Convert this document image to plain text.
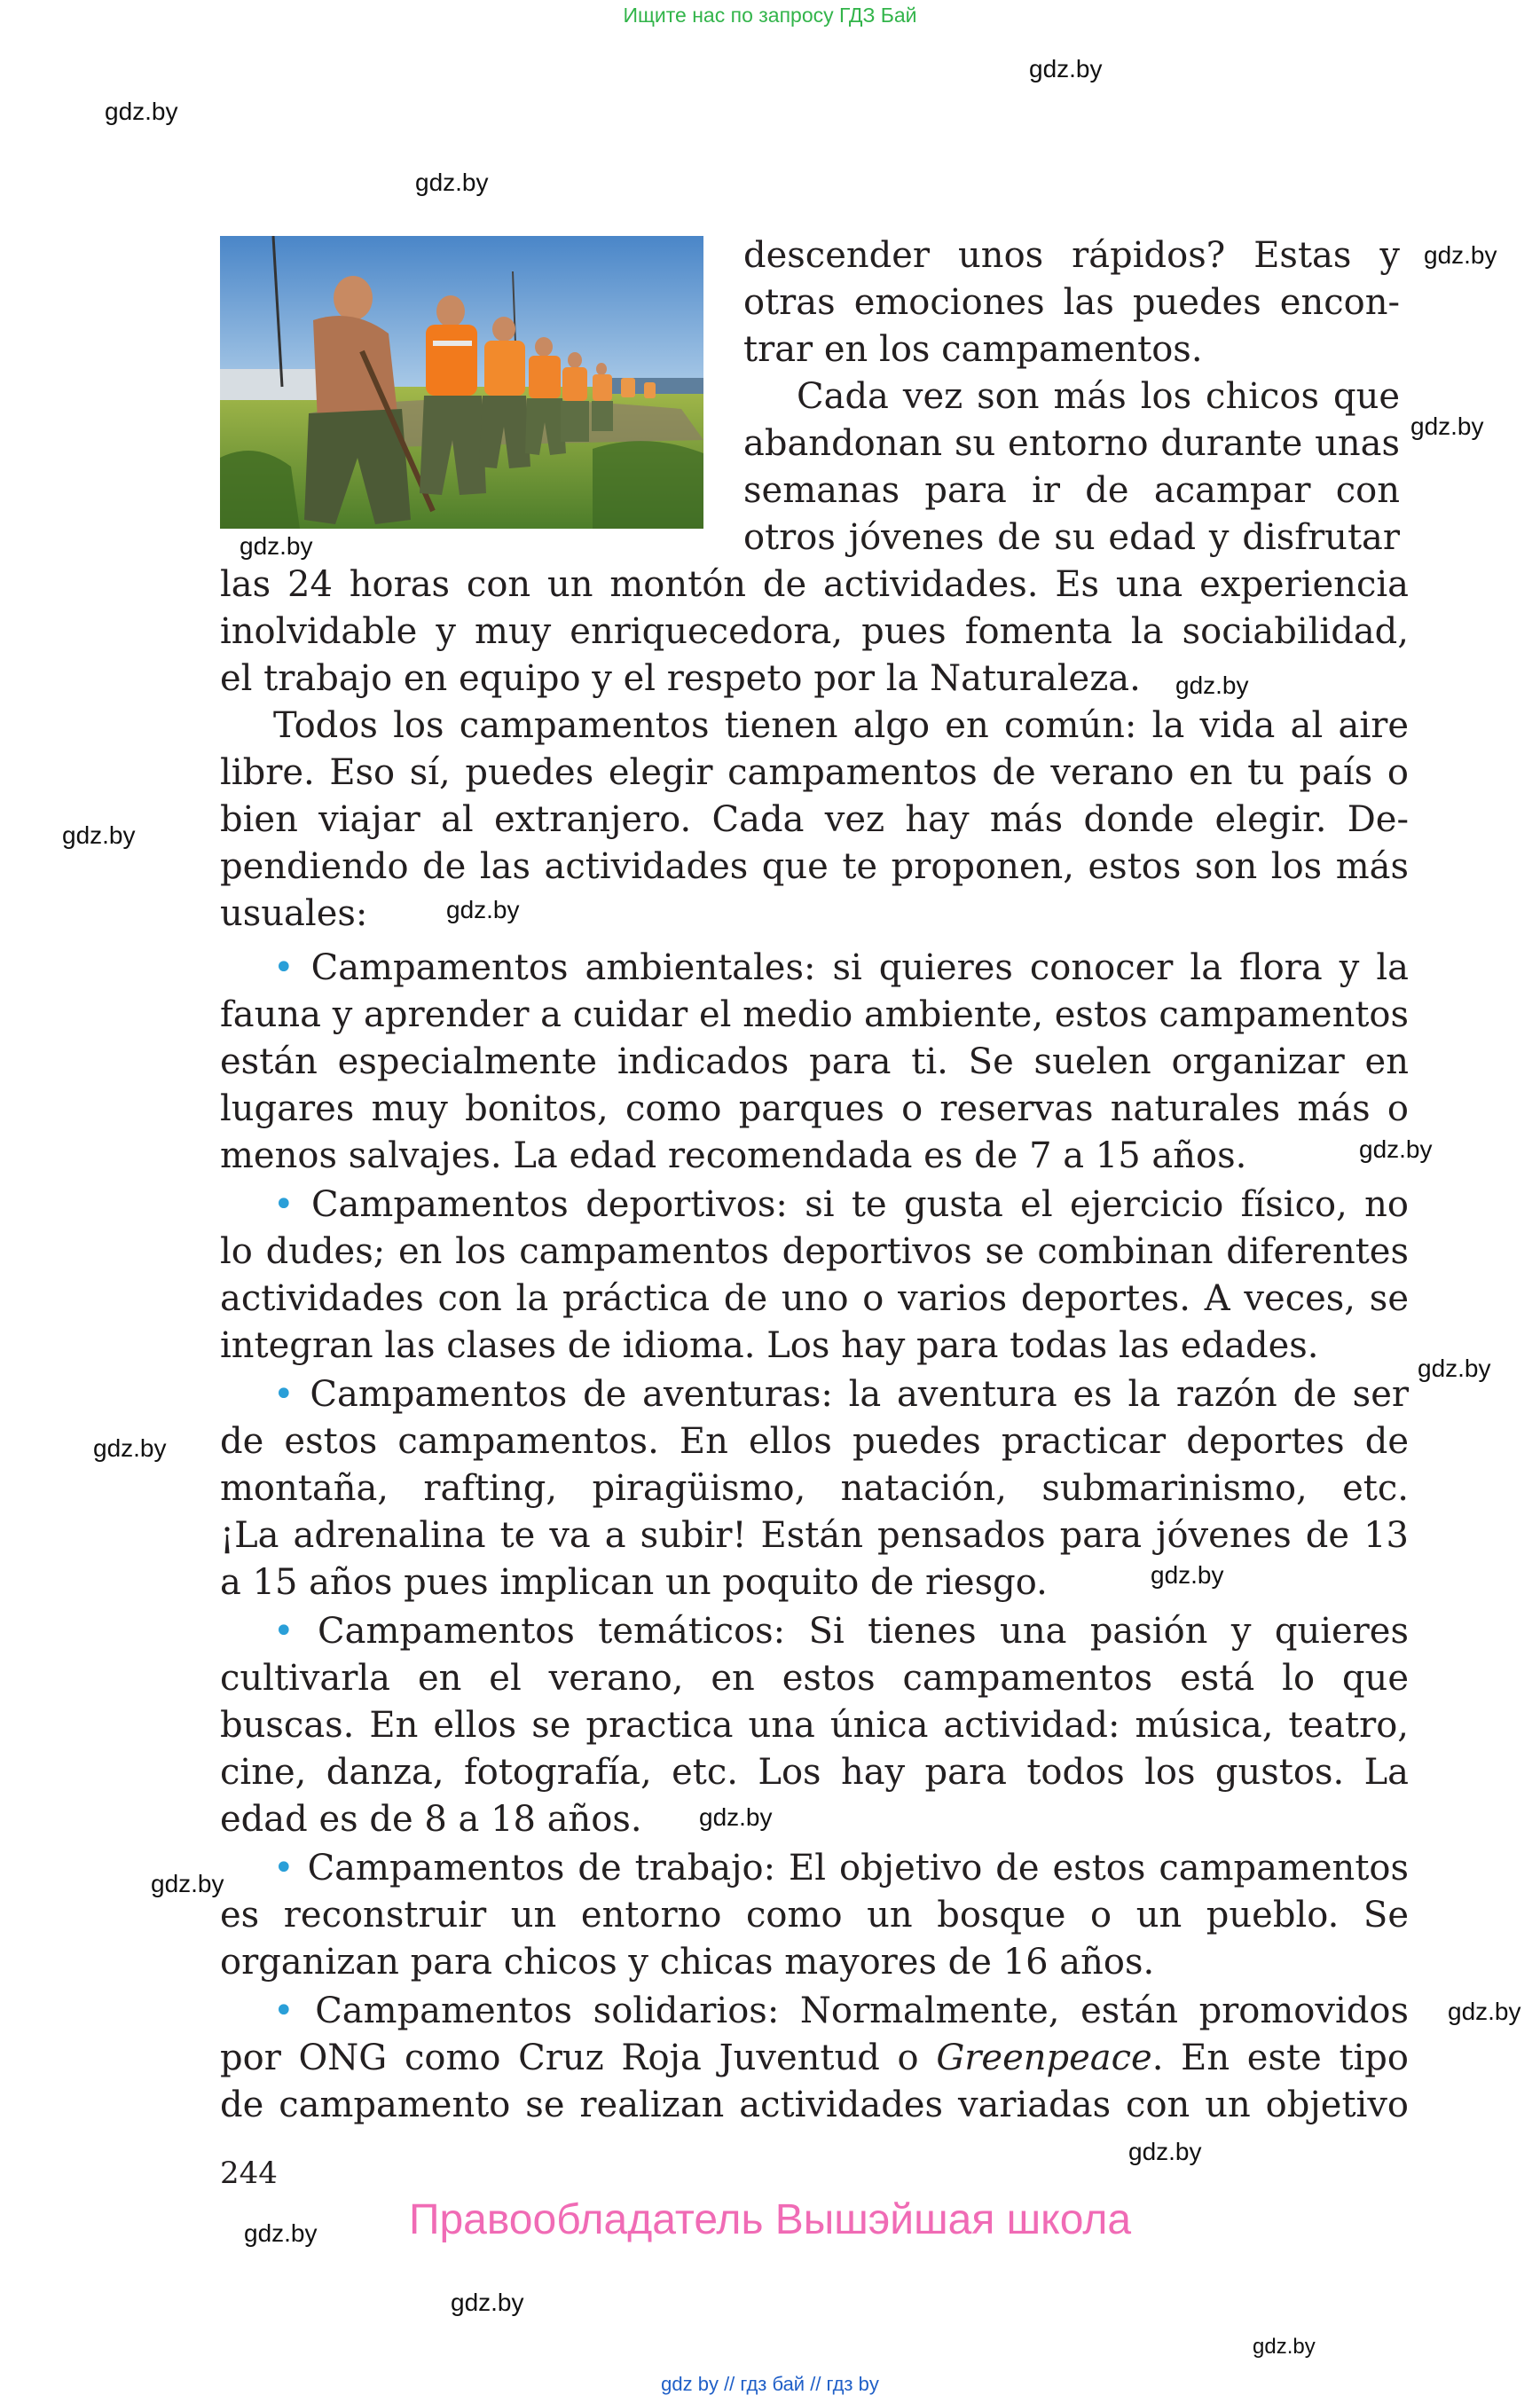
Ищите нас по запросу ГДЗ Бай
gdz.by
gdz.by
gdz.by
gdz.by
gdz.by
gdz.by
gdz.by
gdz.by
gdz.by
gdz.by
gdz.by
gdz.by
gdz.by
gdz.by
gdz.by
gdz.by
gdz.by
gdz.by
gdz.by
gdz.by
descender unos rápidos? Estas y
otras emociones las puedes encon-
trar en los campamentos.
Cada vez son más los chicos que
abandonan su entorno durante unas
semanas para ir de acampar con
otros jóvenes de su edad y disfrutar
las 24 horas con un montón de actividades. Es una experiencia
inolvidable y muy enriquecedora, pues fomenta la sociabilidad,
el trabajo en equipo y el respeto por la Naturaleza.
Todos los campamentos tienen algo en común: la vida al aire
libre. Eso sí, puedes elegir campamentos de verano en tu país o
bien viajar al extranjero. Cada vez hay más donde elegir. De-
pendiendo de las actividades que te proponen, estos son los más
usuales:
• Campamentos ambientales: si quieres conocer la flora y la
fauna y aprender a cuidar el medio ambiente, estos campamentos
están especialmente indicados para ti. Se suelen organizar en
lugares muy bonitos, como parques o reservas naturales más o
menos salvajes. La edad recomendada es de 7 a 15 años.
• Campamentos deportivos: si te gusta el ejercicio físico, no
lo dudes; en los campamentos deportivos se combinan diferentes
actividades con la práctica de uno o varios deportes. A veces, se
integran las clases de idioma. Los hay para todas las edades.
• Campamentos de aventuras: la aventura es la razón de ser
de estos campamentos. En ellos puedes practicar deportes de
montaña, rafting, piragüismo, natación, submarinismo, etc.
¡La adrenalina te va a subir! Están pensados para jóvenes de 13
a 15 años pues implican un poquito de riesgo.
• Campamentos temáticos: Si tienes una pasión y quieres
cultivarla en el verano, en estos campamentos está lo que
buscas. En ellos se practica una única actividad: música, teatro,
cine, danza, fotografía, etc. Los hay para todos los gustos. La
edad es de 8 a 18 años.
• Campamentos de trabajo: El objetivo de estos campamentos
es reconstruir un entorno como un bosque o un pueblo. Se
organizan para chicos y chicas mayores de 16 años.
• Campamentos solidarios: Normalmente, están promovidos
por ONG como Cruz Roja Juventud o Greenpeace. En este tipo
de campamento se realizan actividades variadas con un objetivo
244
Правообладатель Вышэйшая школа
gdz by // гдз бай // гдз by
